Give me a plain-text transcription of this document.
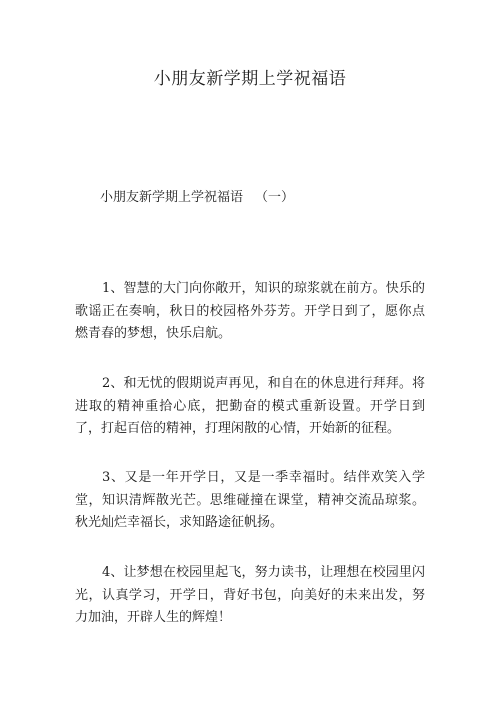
小朋友新学期上学祝福语
小朋友新学期上学祝福语 （一）

1、智慧的大门向你敞开，知识的琼浆就在前方。快乐的歌谣正在奏响，秋日的校园格外芬芳。开学日到了，愿你点燃青春的梦想，快乐启航。

2、和无忧的假期说声再见，和自在的休息进行拜拜。将进取的精神重拾心底，把勤奋的模式重新设置。开学日到了，打起百倍的精神，打理闲散的心情，开始新的征程。

3、又是一年开学日，又是一季幸福时。结伴欢笑入学堂，知识清辉散光芒。思维碰撞在课堂，精神交流品琼浆。秋光灿烂幸福长，求知路途征帆扬。

4、让梦想在校园里起飞，努力读书，让理想在校园里闪光，认真学习，开学日，背好书包，向美好的未来出发，努力加油，开辟人生的辉煌！
